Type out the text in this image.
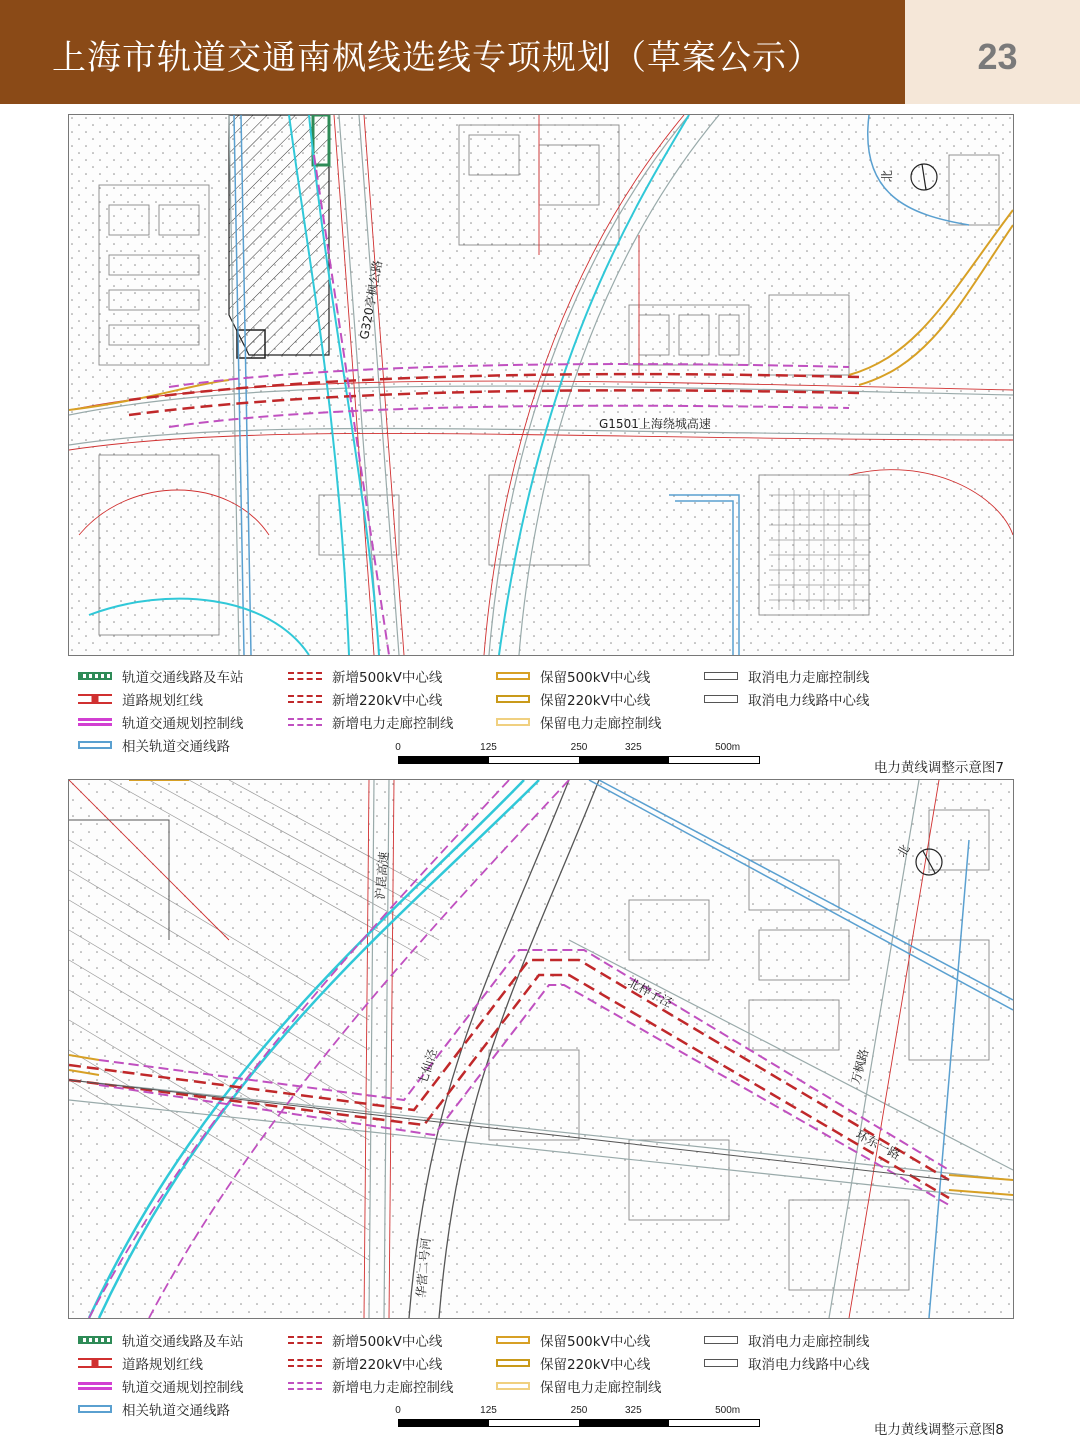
上海市轨道交通南枫线选线专项规划（草案公示）	23
北
G320亭枫公路
G1501上海绕城高速
轨道交通线路及车站
道路规划红线
轨道交通规划控制线
相关轨道交通线路
新增500kV中心线
新增220kV中心线
新增电力走廊控制线
保留500kV中心线
保留220kV中心线
保留电力走廊控制线
取消电力走廊控制线
取消电力线路中心线
0	125	250	325	500m
电力黄线调整示意图7
北
沪昆高速
七仙泾
北梓子泾
万枫路
环东一路
华营二号河
轨道交通线路及车站
道路规划红线
轨道交通规划控制线
相关轨道交通线路
新增500kV中心线
新增220kV中心线
新增电力走廊控制线
保留500kV中心线
保留220kV中心线
保留电力走廊控制线
取消电力走廊控制线
取消电力线路中心线
0	125	250	325	500m
电力黄线调整示意图8
